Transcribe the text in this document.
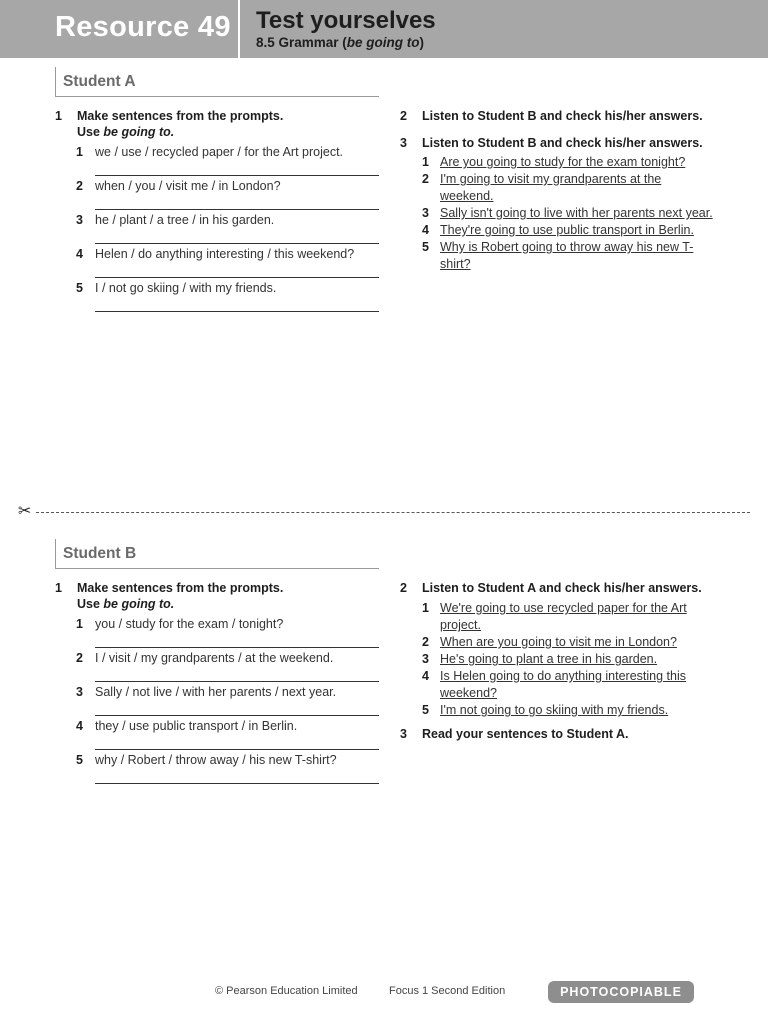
Resource 49 Test yourselves
8.5 Grammar (be going to)
Student A
1 Make sentences from the prompts.
Use be going to.
1 we / use / recycled paper / for the Art project.
2 when / you / visit me / in London?
3 he / plant / a tree / in his garden.
4 Helen / do anything interesting / this weekend?
5 I / not go skiing / with my friends.
2 Listen to Student B and check his/her answers.
3 Listen to Student B and check his/her answers.
1 Are you going to study for the exam tonight?
2 I'm going to visit my grandparents at the weekend.
3 Sally isn't going to live with her parents next year.
4 They're going to use public transport in Berlin.
5 Why is Robert going to throw away his new T-shirt?
✂
Student B
1 Make sentences from the prompts.
Use be going to.
1 you / study for the exam / tonight?
2 I / visit / my grandparents / at the weekend.
3 Sally / not live / with her parents / next year.
4 they / use public transport / in Berlin.
5 why / Robert / throw away / his new T-shirt?
2 Listen to Student A and check his/her answers.
1 We're going to use recycled paper for the Art project.
2 When are you going to visit me in London?
3 He's going to plant a tree in his garden.
4 Is Helen going to do anything interesting this weekend?
5 I'm not going to go skiing with my friends.
3 Read your sentences to Student A.
© Pearson Education Limited	Focus 1 Second Edition	PHOTOCOPIABLE
